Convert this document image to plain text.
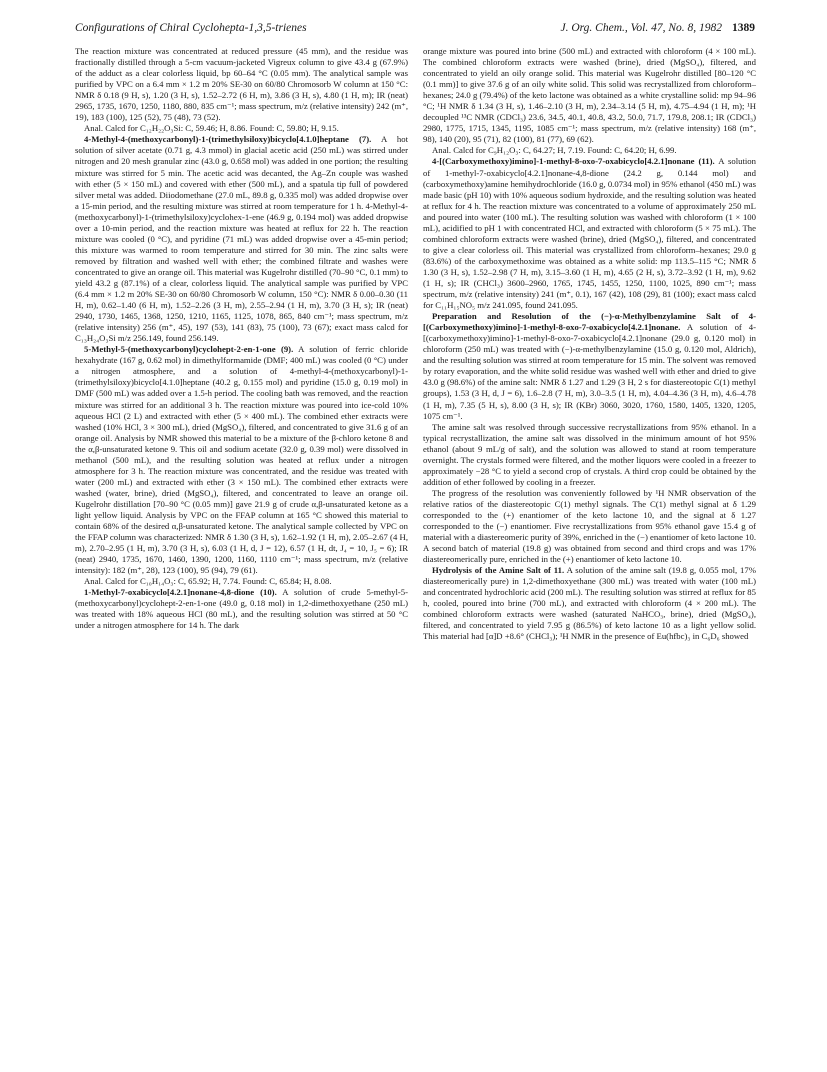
Configurations of Chiral Cyclohepta-1,3,5-trienes	J. Org. Chem., Vol. 47, No. 8, 1982 1389

The reaction mixture was concentrated at reduced pressure (45 mm), and the residue was fractionally distilled through a 5-cm vacuum-jacketed Vigreux column to give 43.4 g (67.9%) of the adduct as a clear colorless liquid, bp 60–64 °C (0.05 mm). The analytical sample was purified by VPC on a 6.4 mm × 1.2 m 20% SE-30 on 60/80 Chromosorb W column at 150 °C: NMR δ 0.18 (9 H, s), 1.20 (3 H, s), 1.52–2.72 (6 H, m), 3.86 (3 H, s), 4.80 (1 H, m); IR (neat) 2965, 1735, 1670, 1250, 1180, 880, 835 cm⁻¹; mass spectrum, m/z (relative intensity) 242 (m⁺, 19), 183 (100), 125 (52), 75 (48), 73 (52).

Anal. Calcd for C₁₂H₂₂O₃Si: C, 59.46; H, 8.86. Found: C, 59.80; H, 9.15.

4-Methyl-4-(methoxycarbonyl)-1-(trimethylsiloxy)bicyclo[4.1.0]heptane (7). A hot solution of silver acetate (0.71 g, 4.3 mmol) in glacial acetic acid (250 mL) was stirred under nitrogen and 20 mesh granular zinc (43.0 g, 0.658 mol) was added in one portion; the resulting mixture was stirred for 5 min. The acetic acid was decanted, the Ag–Zn couple was washed with ether (5 × 150 mL) and covered with ether (500 mL), and a spatula tip full of powdered silver metal was added. Diiodomethane (27.0 mL, 89.8 g, 0.335 mol) was added dropwise over a 15-min period, and the resulting mixture was stirred at room temperature for 1 h. 4-Methyl-4-(methoxycarbonyl)-1-(trimethylsiloxy)cyclohex-1-ene (46.9 g, 0.194 mol) was added dropwise over a 10-min period, and the reaction mixture was heated at reflux for 22 h. The reaction mixture was cooled (0 °C), and pyridine (71 mL) was added dropwise over a 45-min period; this mixture was warmed to room temperature and stirred for 30 min. The zinc salts were removed by filtration and washed well with ether; the combined filtrate and washes were concentrated to give an orange oil. This material was Kugelrohr distilled (70–90 °C, 0.1 mm) to yield 43.2 g (87.1%) of a clear, colorless liquid. The analytical sample was purified by VPC (6.4 mm × 1.2 m 20% SE-30 on 60/80 Chromosorb W column, 150 °C): NMR δ 0.00–0.30 (11 H, m), 0.62–1.40 (6 H, m), 1.52–2.26 (3 H, m), 2.55–2.94 (1 H, m), 3.70 (3 H, s); IR (neat) 2940, 1730, 1465, 1368, 1250, 1210, 1165, 1125, 1078, 865, 840 cm⁻¹; mass spectrum, m/z (relative intensity) 256 (m⁺, 45), 197 (53), 141 (83), 75 (100), 73 (67); exact mass calcd for C₁₃H₂₄O₃Si m/z 256.149, found 256.149.

5-Methyl-5-(methoxycarbonyl)cyclohept-2-en-1-one (9). A solution of ferric chloride hexahydrate (167 g, 0.62 mol) in dimethylformamide (DMF; 400 mL) was cooled (0 °C) under a nitrogen atmosphere, and a solution of 4-methyl-4-(methoxycarbonyl)-1-(trimethylsiloxy)bicyclo[4.1.0]heptane (40.2 g, 0.155 mol) and pyridine (15.0 g, 0.19 mol) in DMF (500 mL) was added over a 1.5-h period. The cooling bath was removed, and the reaction mixture was stirred for an additional 3 h. The reaction mixture was poured into ice-cold 10% aqueous HCl (2 L) and extracted with ether (5 × 400 mL). The combined ether extracts were washed (10% HCl, 3 × 300 mL), dried (MgSO₄), filtered, and concentrated to give 31.6 g of an orange oil. Analysis by NMR showed this material to be a mixture of the β-chloro ketone 8 and the α,β-unsaturated ketone 9. This oil and sodium acetate (32.0 g, 0.39 mol) were dissolved in methanol (500 mL), and the resulting solution was heated at reflux under a nitrogen atmosphere for 3 h. The reaction mixture was concentrated, and the residue was treated with water (200 mL) and extracted with ether (3 × 150 mL). The combined ether extracts were washed (water, brine), dried (MgSO₄), filtered, and concentrated to leave an orange oil. Kugelrohr distillation [70–90 °C (0.05 mm)] gave 21.9 g of crude α,β-unsaturated ketone as a light yellow liquid. Analysis by VPC on the FFAP column at 165 °C showed this material to contain 68% of the desired α,β-unsaturated ketone. The analytical sample collected by VPC on the FFAP column was characterized: NMR δ 1.30 (3 H, s), 1.62–1.92 (1 H, m), 2.05–2.67 (4 H, m), 2.70–2.95 (1 H, m), 3.70 (3 H, s), 6.03 (1 H, d, J = 12), 6.57 (1 H, dt, J₄ = 10, J₅ = 6); IR (neat) 2940, 1735, 1670, 1460, 1390, 1200, 1160, 1110 cm⁻¹; mass spectrum, m/z (relative intensity): 182 (m⁺, 28), 123 (100), 95 (94), 79 (61).

Anal. Calcd for C₁₀H₁₄O₃: C, 65.92; H, 7.74. Found: C, 65.84; H, 8.08.

1-Methyl-7-oxabicyclo[4.2.1]nonane-4,8-dione (10). A solution of crude 5-methyl-5-(methoxycarbonyl)cyclohept-2-en-1-one (49.0 g, 0.18 mol) in 1,2-dimethoxyethane (250 mL) was treated with 18% aqueous HCl (80 mL), and the resulting solution was stirred at 50 °C under a nitrogen atmosphere for 14 h. The dark

orange mixture was poured into brine (500 mL) and extracted with chloroform (4 × 100 mL). The combined chloroform extracts were washed (brine), dried (MgSO₄), filtered, and concentrated to yield an oily orange solid. This material was Kugelrohr distilled [80–120 °C (0.1 mm)] to give 37.6 g of an oily white solid. This solid was recrystallized from chloroform–hexanes; 24.0 g (79.4%) of the keto lactone was obtained as a white crystalline solid: mp 94–96 °C; ¹H NMR δ 1.34 (3 H, s), 1.46–2.10 (3 H, m), 2.34–3.14 (5 H, m), 4.75–4.94 (1 H, m); ¹H decoupled ¹³C NMR (CDCl₃) 23.6, 34.5, 40.1, 40.8, 43.2, 50.0, 71.7, 179.8, 208.1; IR (CDCl₃) 2980, 1775, 1715, 1345, 1195, 1085 cm⁻¹; mass spectrum, m/z (relative intensity) 168 (m⁺, 98), 140 (20), 95 (71), 82 (100), 81 (77), 69 (62).

Anal. Calcd for C₉H₁₂O₃: C, 64.27; H, 7.19. Found: C, 64.20; H, 6.99.

4-[(Carboxymethoxy)imino]-1-methyl-8-oxo-7-oxabicyclo[4.2.1]nonane (11). A solution of 1-methyl-7-oxabicyclo[4.2.1]nonane-4,8-dione (24.2 g, 0.144 mol) and (carboxymethoxy)amine hemihydrochloride (16.0 g, 0.0734 mol) in 95% ethanol (450 mL) was made basic (pH 10) with 10% aqueous sodium hydroxide, and the resulting solution was heated at reflux for 4 h. The reaction mixture was concentrated to a volume of approximately 250 mL and poured into water (100 mL). The resulting solution was washed with chloroform (1 × 100 mL), acidified to pH 1 with concentrated HCl, and extracted with chloroform (5 × 75 mL). The combined chloroform extracts were washed (brine), dried (MgSO₄), filtered, and concentrated to give a clear colorless oil. This material was crystallized from chloroform–hexanes; 29.0 g (83.6%) of the carboxymethoxime was obtained as a white solid: mp 113.5–115 °C; NMR δ 1.30 (3 H, s), 1.52–2.98 (7 H, m), 3.15–3.60 (1 H, m), 4.65 (2 H, s), 3.72–3.92 (1 H, m), 9.62 (1 H, s); IR (CHCl₃) 3600–2960, 1765, 1745, 1455, 1250, 1100, 1025, 890 cm⁻¹; mass spectrum, m/z (relative intensity) 241 (m⁺, 0.1), 167 (42), 108 (29), 81 (100); exact mass calcd for C₁₁H₁₅NO₅ m/z 241.095, found 241.095.

Preparation and Resolution of the (−)-α-Methylbenzylamine Salt of 4-[(Carboxymethoxy)imino]-1-methyl-8-oxo-7-oxabicyclo[4.2.1]nonane. A solution of 4-[(carboxymethoxy)imino]-1-methyl-8-oxo-7-oxabicyclo[4.2.1]nonane (29.0 g, 0.120 mol) in chloroform (250 mL) was treated with (−)-α-methylbenzylamine (15.0 g, 0.120 mol, Aldrich), and the resulting solution was stirred at room temperature for 15 min. The solvent was removed by rotary evaporation, and the white solid residue was washed well with ether and dried to give 43.0 g (98.6%) of the amine salt: NMR δ 1.27 and 1.29 (3 H, 2 s for diastereotopic C(1) methyl groups), 1.53 (3 H, d, J = 6), 1.6–2.8 (7 H, m), 3.0–3.5 (1 H, m), 4.04–4.36 (3 H, m), 4.6–4.78 (1 H, m), 7.35 (5 H, s), 8.00 (3 H, s); IR (KBr) 3060, 3020, 1760, 1580, 1405, 1320, 1205, 1075 cm⁻¹.

The amine salt was resolved through successive recrystallizations from 95% ethanol. In a typical recrystallization, the amine salt was dissolved in the minimum amount of hot 95% ethanol (about 9 mL/g of salt), and the solution was allowed to stand at room temperature overnight. The crystals formed were filtered, and the mother liquors were cooled in a freezer to approximately −28 °C to yield a second crop of crystals. A third crop could be obtained by the addition of ether followed by cooling in a freezer.

The progress of the resolution was conveniently followed by ¹H NMR observation of the relative ratios of the diastereotopic C(1) methyl signals. The C(1) methyl signal at δ 1.29 corresponded to the (+) enantiomer of the keto lactone 10, and the signal at δ 1.27 corresponded to the (−) enantiomer. Five recrystallizations from 95% ethanol gave 15.4 g of material with a diastereomeric purity of 39%, enriched in the (−) enantiomer of keto lactone 10. A second batch of material (19.8 g) was obtained from second and third crops and was 17% diastereomerically pure, enriched in the (+) enantiomer of keto lactone 10.

Hydrolysis of the Amine Salt of 11. A solution of the amine salt (19.8 g, 0.055 mol, 17% diastereomerically pure) in 1,2-dimethoxyethane (300 mL) was treated with water (100 mL) and concentrated hydrochloric acid (200 mL). The resulting solution was stirred at reflux for 85 h, cooled, poured into brine (700 mL), and extracted with chloroform (4 × 200 mL). The combined chloroform extracts were washed (saturated NaHCO₃, brine), dried (MgSO₄), filtered, and concentrated to yield 7.95 g (86.5%) of keto lactone 10 as a light yellow solid. This material had [α]D +8.6° (CHCl₃); ¹H NMR in the presence of Eu(hfbc)₃ in C₆D₆ showed
